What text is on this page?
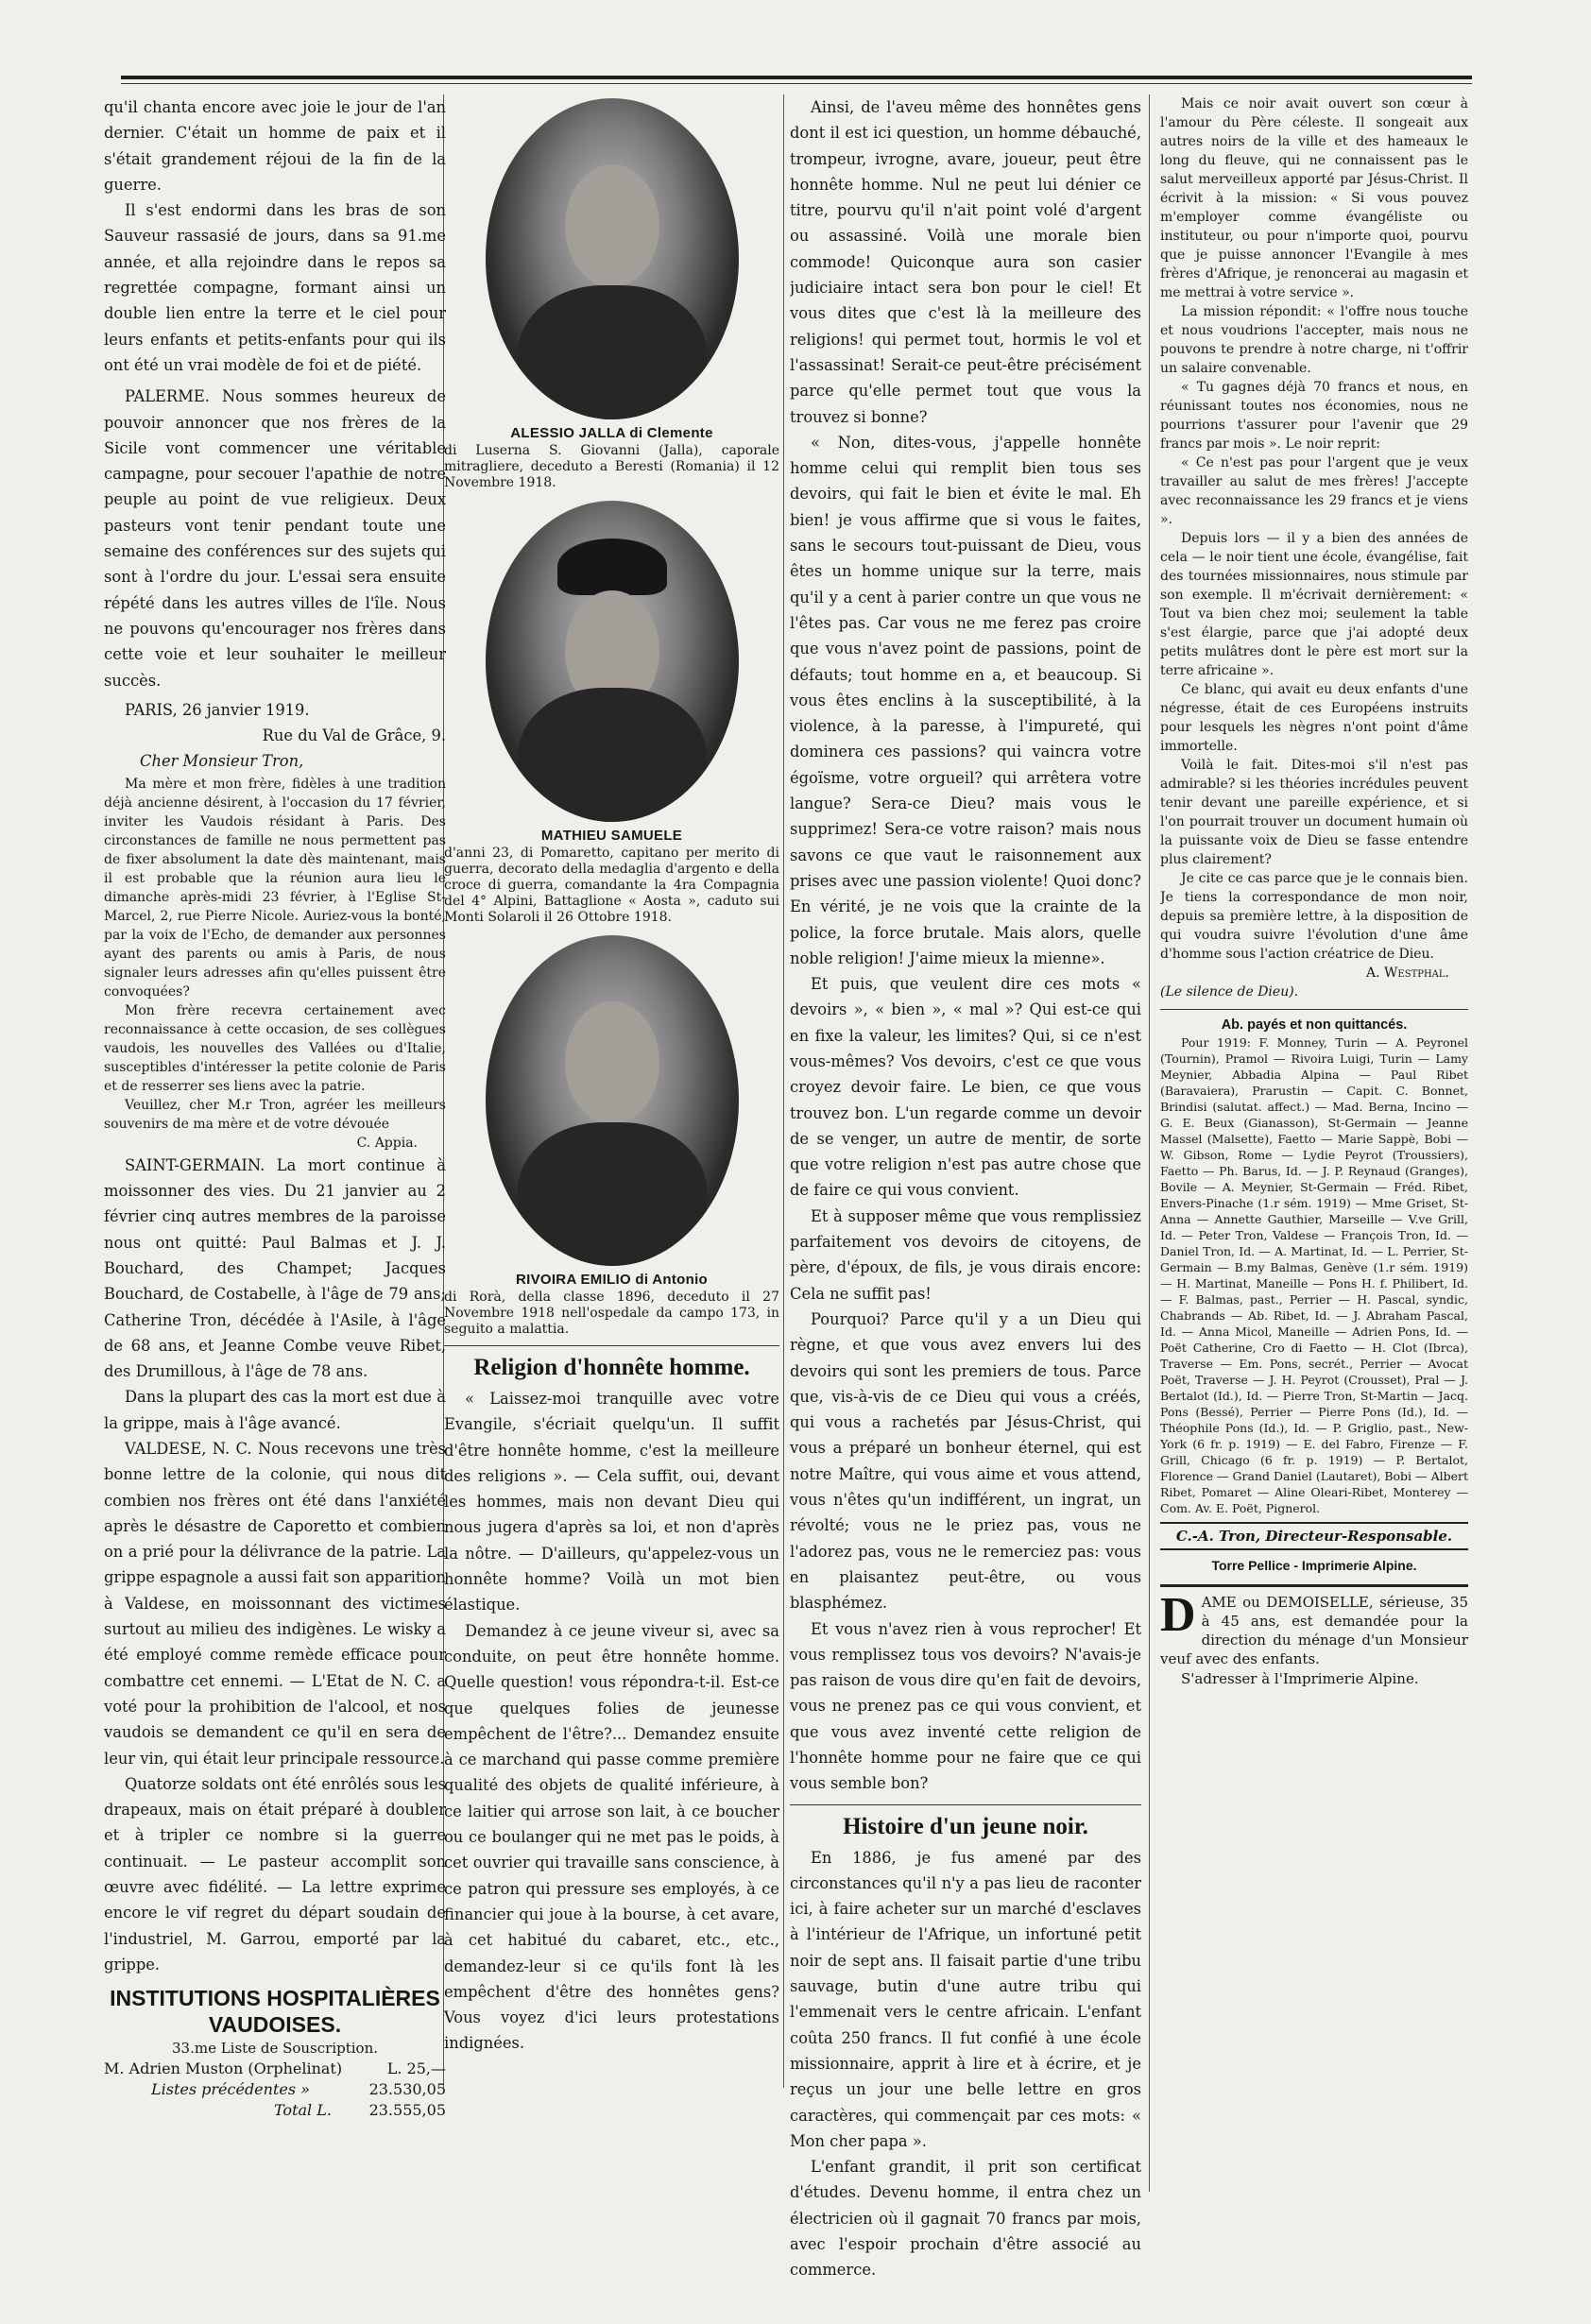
qu'il chanta encore avec joie le jour de l'an dernier. C'était un homme de paix et il s'était grandement réjoui de la fin de la guerre.

Il s'est endormi dans les bras de son Sauveur rassasié de jours, dans sa 91.me année, et alla rejoindre dans le repos sa regrettée compagne, formant ainsi un double lien entre la terre et le ciel pour leurs enfants et petits-enfants pour qui ils ont été un vrai modèle de foi et de piété.

PALERME. Nous sommes heureux de pouvoir annoncer que nos frères de la Sicile vont commencer une véritable campagne, pour secouer l'apathie de notre peuple au point de vue religieux. Deux pasteurs vont tenir pendant toute une semaine des conférences sur des sujets qui sont à l'ordre du jour. L'essai sera ensuite répété dans les autres villes de l'île. Nous ne pouvons qu'encourager nos frères dans cette voie et leur souhaiter le meilleur succès.

PARIS, 26 janvier 1919.

Rue du Val de Grâce, 9.

Cher Monsieur Tron,

Ma mère et mon frère, fidèles à une tradition déjà ancienne désirent, à l'occasion du 17 février, inviter les Vaudois résidant à Paris. Des circonstances de famille ne nous permettent pas de fixer absolument la date dès maintenant, mais il est probable que la réunion aura lieu le dimanche après-midi 23 février, à l'Eglise St-Marcel, 2, rue Pierre Nicole. Auriez-vous la bonté, par la voix de l'Echo, de demander aux personnes ayant des parents ou amis à Paris, de nous signaler leurs adresses afin qu'elles puissent être convoquées?

Mon frère recevra certainement avec reconnaissance à cette occasion, de ses collègues vaudois, les nouvelles des Vallées ou d'Italie, susceptibles d'intéresser la petite colonie de Paris et de resserrer ses liens avec la patrie.

Veuillez, cher M.r Tron, agréer les meilleurs souvenirs de ma mère et de votre dévouée

C. Appia.

SAINT-GERMAIN. La mort continue à moissonner des vies. Du 21 janvier au 2 février cinq autres membres de la paroisse nous ont quitté: Paul Balmas et J. J. Bouchard, des Champet; Jacques Bouchard, de Costabelle, à l'âge de 79 ans; Catherine Tron, décédée à l'Asile, à l'âge de 68 ans, et Jeanne Combe veuve Ribet, des Drumillous, à l'âge de 78 ans.

Dans la plupart des cas la mort est due à la grippe, mais à l'âge avancé.

VALDESE, N. C. Nous recevons une très bonne lettre de la colonie, qui nous dit combien nos frères ont été dans l'anxiété après le désastre de Caporetto et combien on a prié pour la délivrance de la patrie. La grippe espagnole a aussi fait son apparition à Valdese, en moissonnant des victimes surtout au milieu des indigènes. Le wisky a été employé comme remède efficace pour combattre cet ennemi. — L'Etat de N. C. a voté pour la prohibition de l'alcool, et nos vaudois se demandent ce qu'il en sera de leur vin, qui était leur principale ressource.

Quatorze soldats ont été enrôlés sous les drapeaux, mais on était préparé à doubler et à tripler ce nombre si la guerre continuait. — Le pasteur accomplit son œuvre avec fidélité. — La lettre exprime encore le vif regret du départ soudain de l'industriel, M. Garrou, emporté par la grippe.

INSTITUTIONS HOSPITALIÈRES VAUDOISES.

33.me Liste de Souscription.

M. Adrien Muston (Orphelinat)	L. 25,—
Listes précédentes »	23.530,05
Total L. 23.555,05
ALESSIO JALLA di Clemente
di Luserna S. Giovanni (Jalla), caporale mitragliere, deceduto a Beresti (Romania) il 12 Novembre 1918.
MATHIEU SAMUELE
d'anni 23, di Pomaretto, capitano per merito di guerra, decorato della medaglia d'argento e della croce di guerra, comandante la 4ra Compagnia del 4° Alpini, Battaglione « Aosta », caduto sui Monti Solaroli il 26 Ottobre 1918.
RIVOIRA EMILIO di Antonio
di Rorà, della classe 1896, deceduto il 27 Novembre 1918 nell'ospedale da campo 173, in seguito a malattia.
Religion d'honnête homme.

« Laissez-moi tranquille avec votre Evangile, s'écriait quelqu'un. Il suffit d'être honnête homme, c'est la meilleure des religions ». — Cela suffit, oui, devant les hommes, mais non devant Dieu qui nous jugera d'après sa loi, et non d'après la nôtre. — D'ailleurs, qu'appelez-vous un honnête homme? Voilà un mot bien élastique.

Demandez à ce jeune viveur si, avec sa conduite, on peut être honnête homme. Quelle question! vous répondra-t-il. Est-ce que quelques folies de jeunesse empêchent de l'être?... Demandez ensuite à ce marchand qui passe comme première qualité des objets de qualité inférieure, à ce laitier qui arrose son lait, à ce boucher ou ce boulanger qui ne met pas le poids, à cet ouvrier qui travaille sans conscience, à ce patron qui pressure ses employés, à ce financier qui joue à la bourse, à cet avare, à cet habitué du cabaret, etc., etc., demandez-leur si ce qu'ils font là les empêchent d'être des honnêtes gens? Vous voyez d'ici leurs protestations indignées.

Ainsi, de l'aveu même des honnêtes gens dont il est ici question, un homme débauché, trompeur, ivrogne, avare, joueur, peut être honnête homme. Nul ne peut lui dénier ce titre, pourvu qu'il n'ait point volé d'argent ou assassiné. Voilà une morale bien commode! Quiconque aura son casier judiciaire intact sera bon pour le ciel! Et vous dites que c'est là la meilleure des religions! qui permet tout, hormis le vol et l'assassinat! Serait-ce peut-être précisément parce qu'elle permet tout que vous la trouvez si bonne?

« Non, dites-vous, j'appelle honnête homme celui qui remplit bien tous ses devoirs, qui fait le bien et évite le mal. Eh bien! je vous affirme que si vous le faites, sans le secours tout-puissant de Dieu, vous êtes un homme unique sur la terre, mais qu'il y a cent à parier contre un que vous ne l'êtes pas. Car vous ne me ferez pas croire que vous n'avez point de passions, point de défauts; tout homme en a, et beaucoup. Si vous êtes enclins à la susceptibilité, à la violence, à la paresse, à l'impureté, qui dominera ces passions? qui vaincra votre égoïsme, votre orgueil? qui arrêtera votre langue? Sera-ce Dieu? mais vous le supprimez! Sera-ce votre raison? mais nous savons ce que vaut le raisonnement aux prises avec une passion violente! Quoi donc? En vérité, je ne vois que la crainte de la police, la force brutale. Mais alors, quelle noble religion! J'aime mieux la mienne».

Et puis, que veulent dire ces mots « devoirs », « bien », « mal »? Qui est-ce qui en fixe la valeur, les limites? Qui, si ce n'est vous-mêmes? Vos devoirs, c'est ce que vous croyez devoir faire. Le bien, ce que vous trouvez bon. L'un regarde comme un devoir de se venger, un autre de mentir, de sorte que votre religion n'est pas autre chose que de faire ce qui vous convient.

Et à supposer même que vous remplissiez parfaitement vos devoirs de citoyens, de père, d'époux, de fils, je vous dirais encore: Cela ne suffit pas!

Pourquoi? Parce qu'il y a un Dieu qui règne, et que vous avez envers lui des devoirs qui sont les premiers de tous. Parce que, vis-à-vis de ce Dieu qui vous a créés, qui vous a rachetés par Jésus-Christ, qui vous a préparé un bonheur éternel, qui est notre Maître, qui vous aime et vous attend, vous n'êtes qu'un indifférent, un ingrat, un révolté; vous ne le priez pas, vous ne l'adorez pas, vous ne le remerciez pas: vous en plaisantez peut-être, ou vous blasphémez.

Et vous n'avez rien à vous reprocher! Et vous remplissez tous vos devoirs? N'avais-je pas raison de vous dire qu'en fait de devoirs, vous ne prenez pas ce qui vous convient, et que vous avez inventé cette religion de l'honnête homme pour ne faire que ce qui vous semble bon?

Histoire d'un jeune noir.

En 1886, je fus amené par des circonstances qu'il n'y a pas lieu de raconter ici, à faire acheter sur un marché d'esclaves à l'intérieur de l'Afrique, un infortuné petit noir de sept ans. Il faisait partie d'une tribu sauvage, butin d'une autre tribu qui l'emmenait vers le centre africain. L'enfant coûta 250 francs. Il fut confié à une école missionnaire, apprit à lire et à écrire, et je reçus un jour une belle lettre en gros caractères, qui commençait par ces mots: « Mon cher papa ».

L'enfant grandit, il prit son certificat d'études. Devenu homme, il entra chez un électricien où il gagnait 70 francs par mois, avec l'espoir prochain d'être associé au commerce.

Mais ce noir avait ouvert son cœur à l'amour du Père céleste. Il songeait aux autres noirs de la ville et des hameaux le long du fleuve, qui ne connaissent pas le salut merveilleux apporté par Jésus-Christ. Il écrivit à la mission: « Si vous pouvez m'employer comme évangéliste ou instituteur, ou pour n'importe quoi, pourvu que je puisse annoncer l'Evangile à mes frères d'Afrique, je renoncerai au magasin et me mettrai à votre service ».

La mission répondit: « l'offre nous touche et nous voudrions l'accepter, mais nous ne pouvons te prendre à notre charge, ni t'offrir un salaire convenable.

« Tu gagnes déjà 70 francs et nous, en réunissant toutes nos économies, nous ne pourrions t'assurer pour l'avenir que 29 francs par mois ». Le noir reprit:

« Ce n'est pas pour l'argent que je veux travailler au salut de mes frères! J'accepte avec reconnaissance les 29 francs et je viens ».

Depuis lors — il y a bien des années de cela — le noir tient une école, évangélise, fait des tournées missionnaires, nous stimule par son exemple. Il m'écrivait dernièrement: « Tout va bien chez moi; seulement la table s'est élargie, parce que j'ai adopté deux petits mulâtres dont le père est mort sur la terre africaine ».

Ce blanc, qui avait eu deux enfants d'une négresse, était de ces Européens instruits pour lesquels les nègres n'ont point d'âme immortelle.

Voilà le fait. Dites-moi s'il n'est pas admirable? si les théories incrédules peuvent tenir devant une pareille expérience, et si l'on pourrait trouver un document humain où la puissante voix de Dieu se fasse entendre plus clairement?

Je cite ce cas parce que je le connais bien. Je tiens la correspondance de mon noir, depuis sa première lettre, à la disposition de qui voudra suivre l'évolution d'une âme d'homme sous l'action créatrice de Dieu.

A. Westphal.

(Le silence de Dieu).

Ab. payés et non quittancés.

Pour 1919: F. Monney, Turin — A. Peyronel (Tournin), Pramol — Rivoira Luigi, Turin — Lamy Meynier, Abbadia Alpina — Paul Ribet (Baravaiera), Prarustin — Capit. C. Bonnet, Brindisi (salutat. affect.) — Mad. Berna, Incino — G. E. Beux (Gianasson), St-Germain — Jeanne Massel (Malsette), Faetto — Marie Sappè, Bobi — W. Gibson, Rome — Lydie Peyrot (Troussiers), Faetto — Ph. Barus, Id. — J. P. Reynaud (Granges), Bovile — A. Meynier, St-Germain — Fréd. Ribet, Envers-Pinache (1.r sém. 1919) — Mme Griset, St-Anna — Annette Gauthier, Marseille — V.ve Grill, Id. — Peter Tron, Valdese — François Tron, Id. — Daniel Tron, Id. — A. Martinat, Id. — L. Perrier, St-Germain — B.my Balmas, Genève (1.r sém. 1919) — H. Martinat, Maneille — Pons H. f. Philibert, Id. — F. Balmas, past., Perrier — H. Pascal, syndic, Chabrands — Ab. Ribet, Id. — J. Abraham Pascal, Id. — Anna Micol, Maneille — Adrien Pons, Id. — Poët Catherine, Cro di Faetto — H. Clot (Ibrca), Traverse — Em. Pons, secrét., Perrier — Avocat Poët, Traverse — J. H. Peyrot (Crousset), Pral — J. Bertalot (Id.), Id. — Pierre Tron, St-Martin — Jacq. Pons (Bessé), Perrier — Pierre Pons (Id.), Id. — Théophile Pons (Id.), Id. — P. Griglio, past., New-York (6 fr. p. 1919) — E. del Fabro, Firenze — F. Grill, Chicago (6 fr. p. 1919) — P. Bertalot, Florence — Grand Daniel (Lautaret), Bobi — Albert Ribet, Pomaret — Aline Oleari-Ribet, Monterey — Com. Av. E. Poët, Pignerol.

C.-A. Tron, Directeur-Responsable.

Torre Pellice - Imprimerie Alpine.

D AME ou DEMOISELLE, sérieuse, 35 à 45 ans, est demandée pour la direction du ménage d'un Monsieur veuf avec des enfants.

S'adresser à l'Imprimerie Alpine.
